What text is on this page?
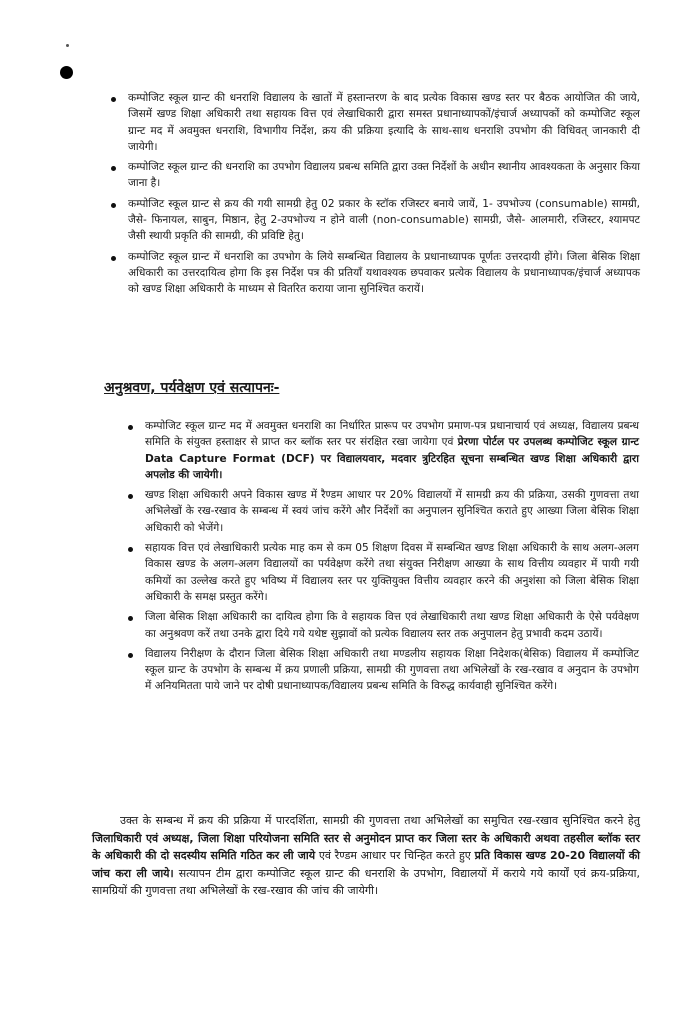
कम्पोजिट स्कूल ग्रान्ट की धनराशि विद्यालय के खातों में हस्तान्तरण के बाद प्रत्येक विकास खण्ड स्तर पर बैठक आयोजित की जाये, जिसमें खण्ड शिक्षा अधिकारी तथा सहायक वित्त एवं लेखाधिकारी द्वारा समस्त प्रधानाध्यापकों/इंचार्ज अध्यापकों को कम्पोजिट स्कूल ग्रान्ट मद में अवमुक्त धनराशि, विभागीय निर्देश, क्रय की प्रक्रिया इत्यादि के साथ-साथ धनराशि उपभोग की विधिवत् जानकारी दी जायेगी।
कम्पोजिट स्कूल ग्रान्ट की धनराशि का उपभोग विद्यालय प्रबन्ध समिति द्वारा उक्त निर्देशों के अधीन स्थानीय आवश्यकता के अनुसार किया जाना है।
कम्पोजिट स्कूल ग्रान्ट से क्रय की गयी सामग्री हेतु 02 प्रकार के स्टॉक रजिस्टर बनाये जायें, 1- उपभोज्य (consumable) सामग्री, जैसे- फिनायल, साबुन, मिष्ठान, हेतु 2-उपभोज्य न होने वाली (non-consumable) सामग्री, जैसे- आलमारी, रजिस्टर, श्यामपट जैसी स्थायी प्रकृति की सामग्री, की प्रविष्टि हेतु।
कम्पोजिट स्कूल ग्रान्ट में धनराशि का उपभोग के लिये सम्बन्धित विद्यालय के प्रधानाध्यापक पूर्णतः उत्तरदायी होंगे। जिला बेसिक शिक्षा अधिकारी का उत्तरदायित्व होगा कि इस निर्देश पत्र की प्रतियाँ यथावश्यक छपवाकर प्रत्येक विद्यालय के प्रधानाध्यापक/इंचार्ज अध्यापक को खण्ड शिक्षा अधिकारी के माध्यम से वितरित कराया जाना सुनिश्चित करायें।
अनुश्रवण, पर्यवेक्षण एवं सत्यापनः-
कम्पोजिट स्कूल ग्रान्ट मद में अवमुक्त धनराशि का निर्धारित प्रारूप पर उपभोग प्रमाण-पत्र प्रधानाचार्य एवं अध्यक्ष, विद्यालय प्रबन्ध समिति के संयुक्त हस्ताक्षर से प्राप्त कर ब्लॉक स्तर पर संरक्षित रखा जायेगा एवं प्रेरणा पोर्टल पर उपलब्ध कम्पोजिट स्कूल ग्रान्ट Data Capture Format (DCF) पर विद्यालयवार, मदवार त्रुटिरहित सूचना सम्बन्धित खण्ड शिक्षा अधिकारी द्वारा अपलोड की जायेगी।
खण्ड शिक्षा अधिकारी अपने विकास खण्ड में रैण्डम आधार पर 20% विद्यालयों में सामग्री क्रय की प्रक्रिया, उसकी गुणवत्ता तथा अभिलेखों के रख-रखाव के सम्बन्ध में स्वयं जांच करेंगे और निर्देशों का अनुपालन सुनिश्चित कराते हुए आख्या जिला बेसिक शिक्षा अधिकारी को भेजेंगे।
सहायक वित्त एवं लेखाधिकारी प्रत्येक माह कम से कम 05 शिक्षण दिवस में सम्बन्धित खण्ड शिक्षा अधिकारी के साथ अलग-अलग विकास खण्ड के अलग-अलग विद्यालयों का पर्यवेक्षण करेंगे तथा संयुक्त निरीक्षण आख्या के साथ वित्तीय व्यवहार में पायी गयी कमियों का उल्लेख करते हुए भविष्य में विद्यालय स्तर पर युक्तियुक्त वित्तीय व्यवहार करने की अनुशंसा को जिला बेसिक शिक्षा अधिकारी के समक्ष प्रस्तुत करेंगे।
जिला बेसिक शिक्षा अधिकारी का दायित्व होगा कि वे सहायक वित्त एवं लेखाधिकारी तथा खण्ड शिक्षा अधिकारी के ऐसे पर्यवेक्षण का अनुश्रवण करें तथा उनके द्वारा दिये गये यथेष्ट सुझावों को प्रत्येक विद्यालय स्तर तक अनुपालन हेतु प्रभावी कदम उठायें।
विद्यालय निरीक्षण के दौरान जिला बेसिक शिक्षा अधिकारी तथा मण्डलीय सहायक शिक्षा निदेशक(बेसिक) विद्यालय में कम्पोजिट स्कूल ग्रान्ट के उपभोग के सम्बन्ध में क्रय प्रणाली प्रक्रिया, सामग्री की गुणवत्ता तथा अभिलेखों के रख-रखाव व अनुदान के उपभोग में अनियमितता पाये जाने पर दोषी प्रधानाध्यापक/विद्यालय प्रबन्ध समिति के विरुद्ध कार्यवाही सुनिश्चित करेंगे।

उक्त के सम्बन्ध में क्रय की प्रक्रिया में पारदर्शिता, सामग्री की गुणवत्ता तथा अभिलेखों का समुचित रख-रखाव सुनिश्चित करने हेतु जिलाधिकारी एवं अध्यक्ष, जिला शिक्षा परियोजना समिति स्तर से अनुमोदन प्राप्त कर जिला स्तर के अधिकारी अथवा तहसील ब्लॉक स्तर के अधिकारी की दो सदस्यीय समिति गठित कर ली जाये एवं रैण्डम आधार पर चिन्हित करते हुए प्रति विकास खण्ड 20-20 विद्यालयों की जांच करा ली जाये। सत्यापन टीम द्वारा कम्पोजिट स्कूल ग्रान्ट की धनराशि के उपभोग, विद्यालयों में कराये गये कार्यों एवं क्रय-प्रक्रिया, सामग्रियों की गुणवत्ता तथा अभिलेखों के रख-रखाव की जांच की जायेगी।
